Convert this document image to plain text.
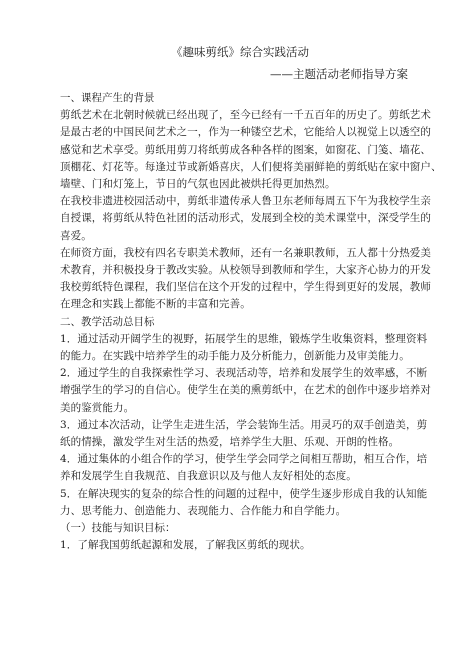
《趣味剪纸》综合实践活动

——主题活动老师指导方案

一、课程产生的背景

剪纸艺术在北朝时候就已经出现了，至今已经有一千五百年的历史了。剪纸艺术

是最古老的中国民间艺术之一，作为一种镂空艺术，它能给人以视觉上以透空的

感觉和艺术享受。剪纸用剪刀将纸剪成各种各样的图案，如窗花、门笺、墙花、

顶棚花、灯花等。每逢过节或新婚喜庆，人们便将美丽鲜艳的剪纸贴在家中窗户、

墙壁、门和灯笼上，节日的气氛也因此被烘托得更加热烈。

在我校非遗进校园活动中，剪纸非遗传承人鲁卫东老师每周五下午为我校学生亲

自授课，将剪纸从特色社团的活动形式，发展到全校的美术课堂中，深受学生的

喜爱。

在师资方面，我校有四名专职美术教师，还有一名兼职教师，五人都十分热爱美

术教育，并积极投身于教改实验。从校领导到教师和学生，大家齐心协力的开发

我校剪纸特色课程，我们坚信在这个开发的过程中，学生得到更好的发展，教师

在理念和实践上都能不断的丰富和完善。

二、教学活动总目标

1．通过活动开阔学生的视野，拓展学生的思维，锻炼学生收集资料，整理资料

的能力。在实践中培养学生的动手能力及分析能力，创新能力及审美能力。

2．通过学生的自我探索性学习、表现活动等，培养和发展学生的效率感，不断

增强学生的学习的自信心。使学生在美的熏剪纸中，在艺术的创作中逐步培养对

美的鉴赏能力。

3．通过本次活动，让学生走进生活，学会装饰生活。用灵巧的双手创造美，剪

纸的情操，激发学生对生活的热爱，培养学生大胆、乐观、开朗的性格。

4．通过集体的小组合作的学习，使学生学会同学之间相互帮助，相互合作，培

养和发展学生自我规范、自我意识以及与他人友好相处的态度。

5．在解决现实的复杂的综合性的问题的过程中，使学生逐步形成自我的认知能

力、思考能力、创造能力、表现能力、合作能力和自学能力。

（一）技能与知识目标：

1．了解我国剪纸起源和发展，了解我区剪纸的现状。
